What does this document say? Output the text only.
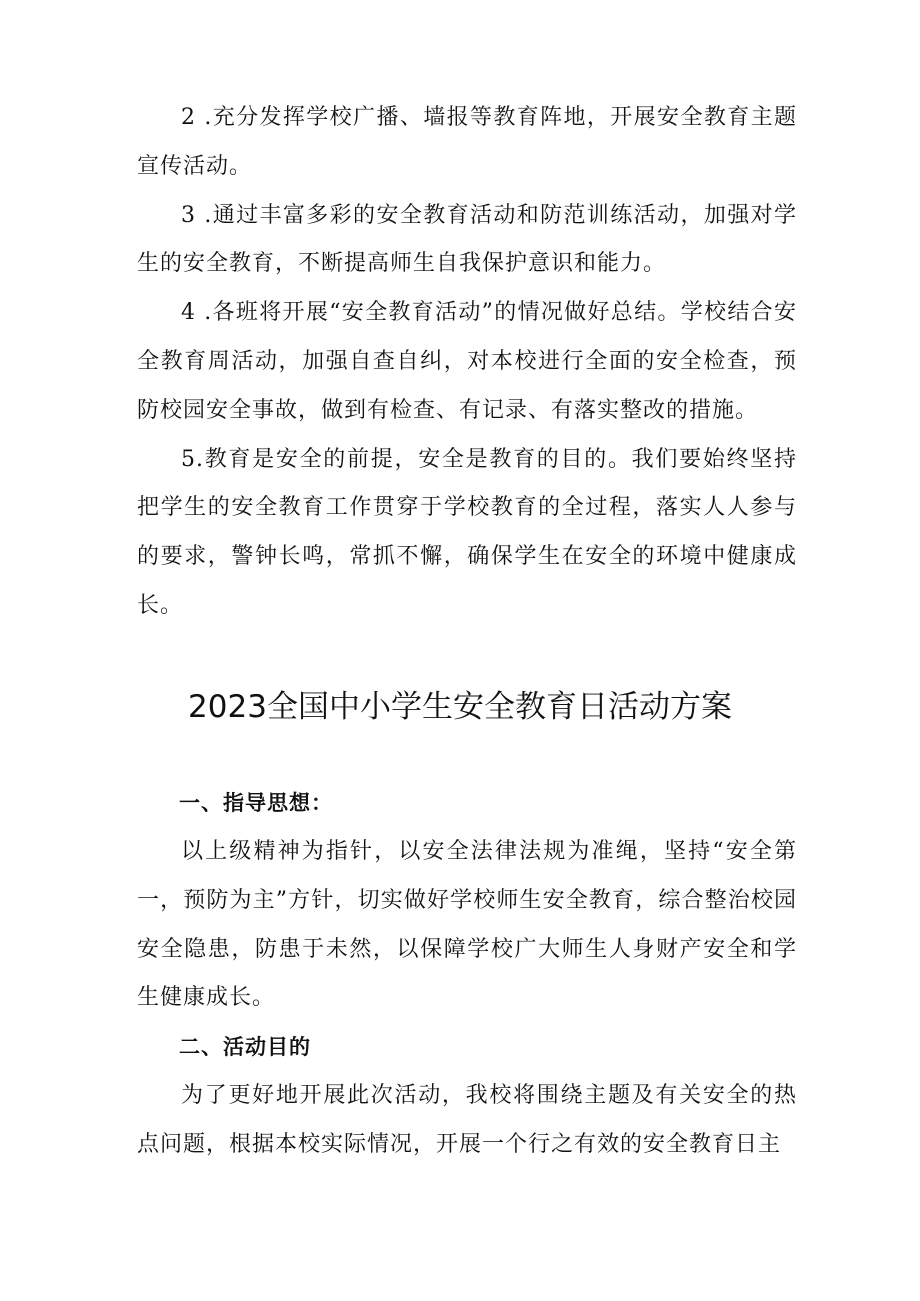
2 .充分发挥学校广播、墙报等教育阵地，开展安全教育主题宣传活动。

3 .通过丰富多彩的安全教育活动和防范训练活动，加强对学生的安全教育，不断提高师生自我保护意识和能力。

4 .各班将开展“安全教育活动”的情况做好总结。学校结合安全教育周活动，加强自查自纠，对本校进行全面的安全检查，预防校园安全事故，做到有检查、有记录、有落实整改的措施。

5.教育是安全的前提，安全是教育的目的。我们要始终坚持把学生的安全教育工作贯穿于学校教育的全过程，落实人人参与的要求，警钟长鸣，常抓不懈，确保学生在安全的环境中健康成长。

2023全国中小学生安全教育日活动方案

一、指导思想：

以上级精神为指针，以安全法律法规为准绳，坚持“安全第一，预防为主”方针，切实做好学校师生安全教育，综合整治校园安全隐患，防患于未然，以保障学校广大师生人身财产安全和学生健康成长。

二、活动目的

为了更好地开展此次活动，我校将围绕主题及有关安全的热点问题，根据本校实际情况，开展一个行之有效的安全教育日主
